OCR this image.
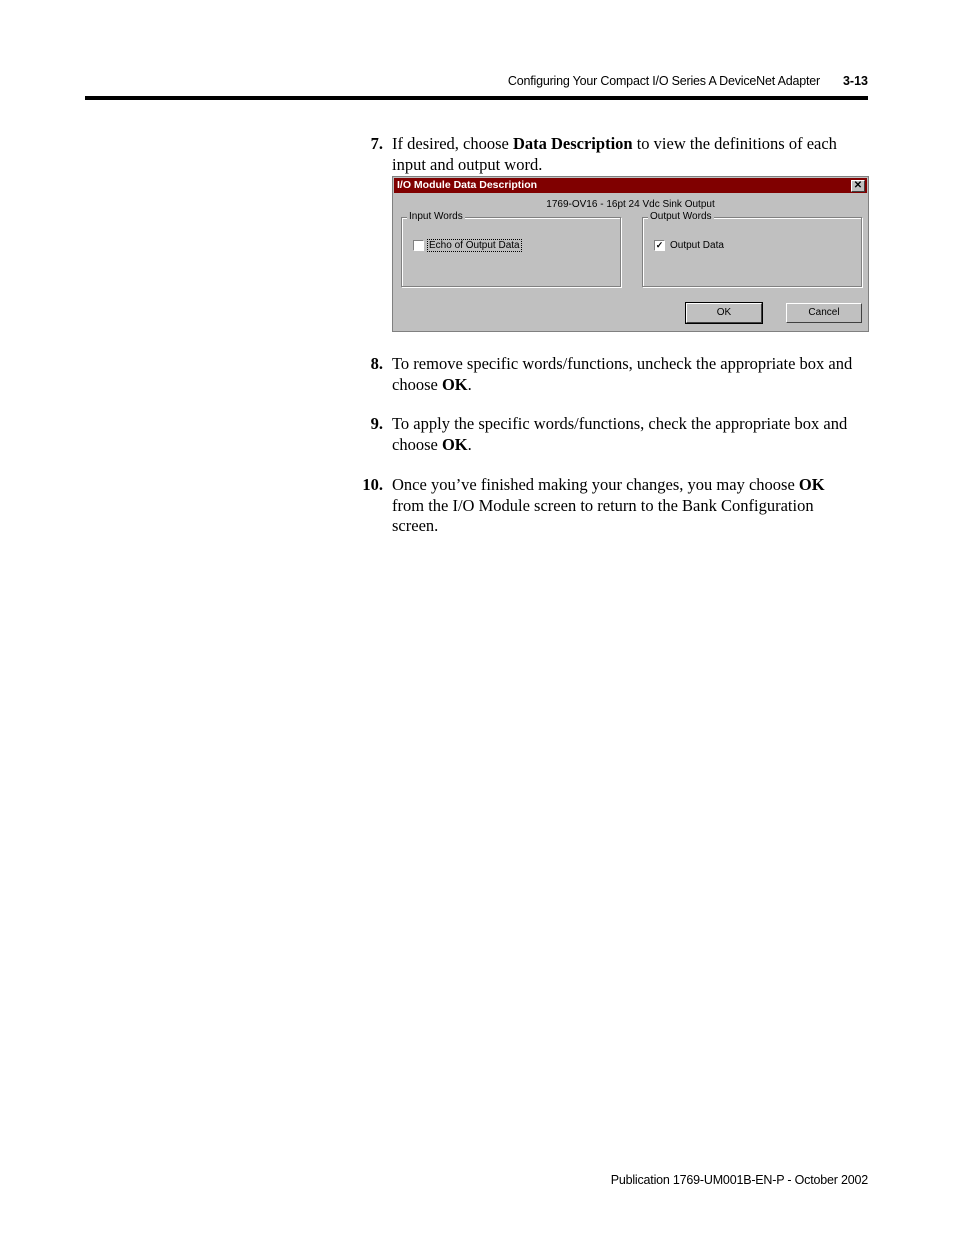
Configuring Your Compact I/O Series A DeviceNet Adapter 3-13
7. If desired, choose Data Description to view the definitions of each input and output word.
I/O Module Data Description	✕
1769-OV16 - 16pt 24 Vdc Sink Output
Input Words
Echo of Output Data
Output Words
✓ Output Data
OK	Cancel
8. To remove specific words/functions, uncheck the appropriate box and choose OK.
9. To apply the specific words/functions, check the appropriate box and choose OK.
10. Once you’ve finished making your changes, you may choose OK from the I/O Module screen to return to the Bank Configuration screen.
Publication 1769-UM001B-EN-P - October 2002
